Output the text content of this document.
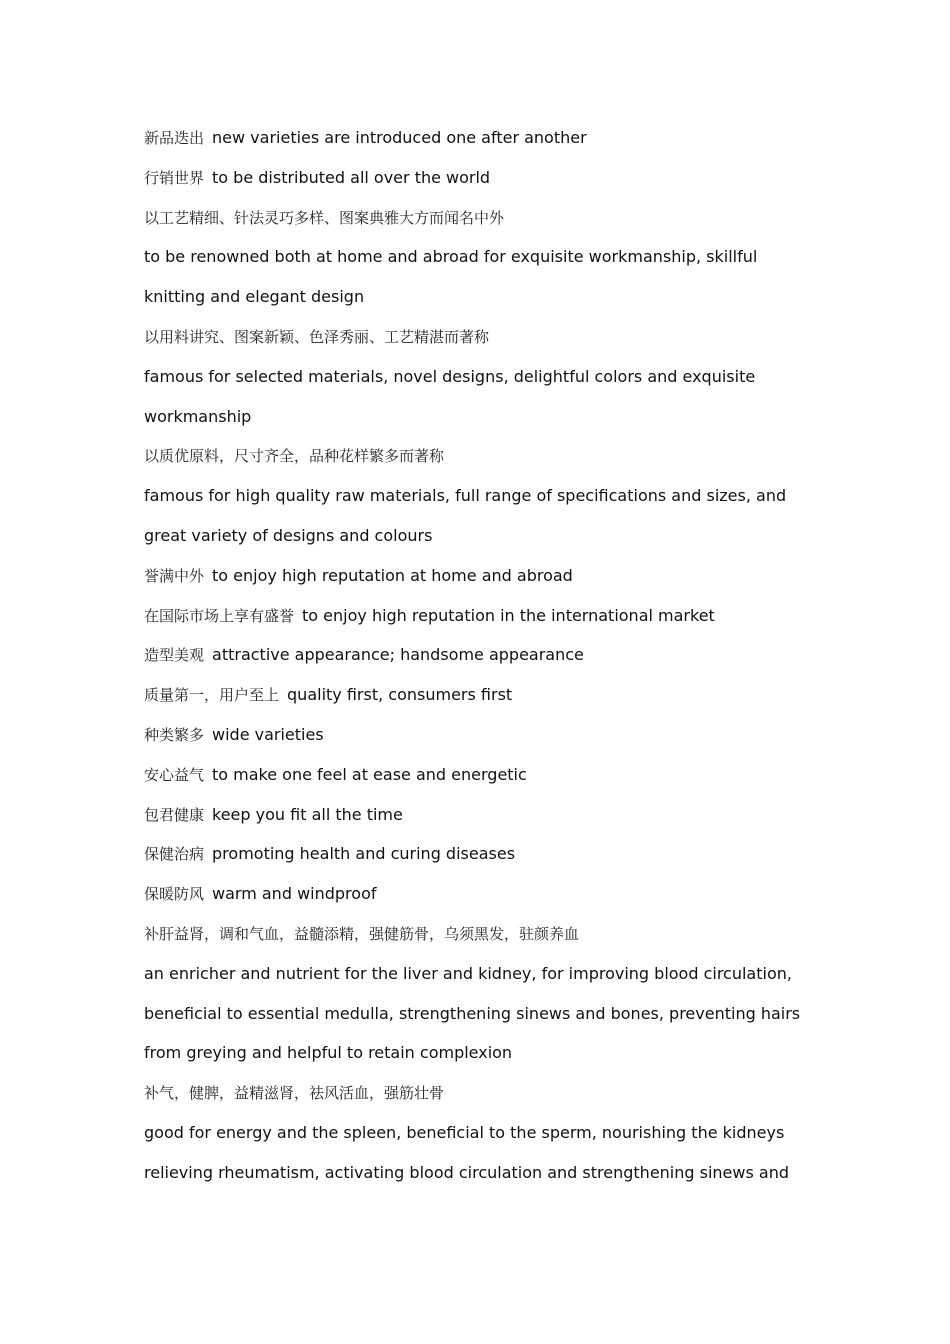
新品迭出 new varieties are introduced one after another
行销世界 to be distributed all over the world
以工艺精细、针法灵巧多样、图案典雅大方而闻名中外
to be renowned both at home and abroad for exquisite workmanship, skillful
knitting and elegant design
以用料讲究、图案新颖、色泽秀丽、工艺精湛而著称
famous for selected materials, novel designs, delightful colors and exquisite
workmanship
以质优原料，尺寸齐全，品种花样繁多而著称
famous for high quality raw materials, full range of specifications and sizes, and
great variety of designs and colours
誉满中外 to enjoy high reputation at home and abroad
在国际市场上享有盛誉 to enjoy high reputation in the international market
造型美观 attractive appearance; handsome appearance
质量第一，用户至上 quality first, consumers first
种类繁多 wide varieties
安心益气 to make one feel at ease and energetic
包君健康 keep you fit all the time
保健治病 promoting health and curing diseases
保暖防风 warm and windproof
补肝益肾，调和气血，益髓添精，强健筋骨，乌须黑发，驻颜养血
an enricher and nutrient for the liver and kidney, for improving blood circulation,
beneficial to essential medulla, strengthening sinews and bones, preventing hairs
from greying and helpful to retain complexion
补气，健脾，益精滋肾，祛风活血，强筋壮骨
good for energy and the spleen, beneficial to the sperm, nourishing the kidneys
relieving rheumatism, activating blood circulation and strengthening sinews and
